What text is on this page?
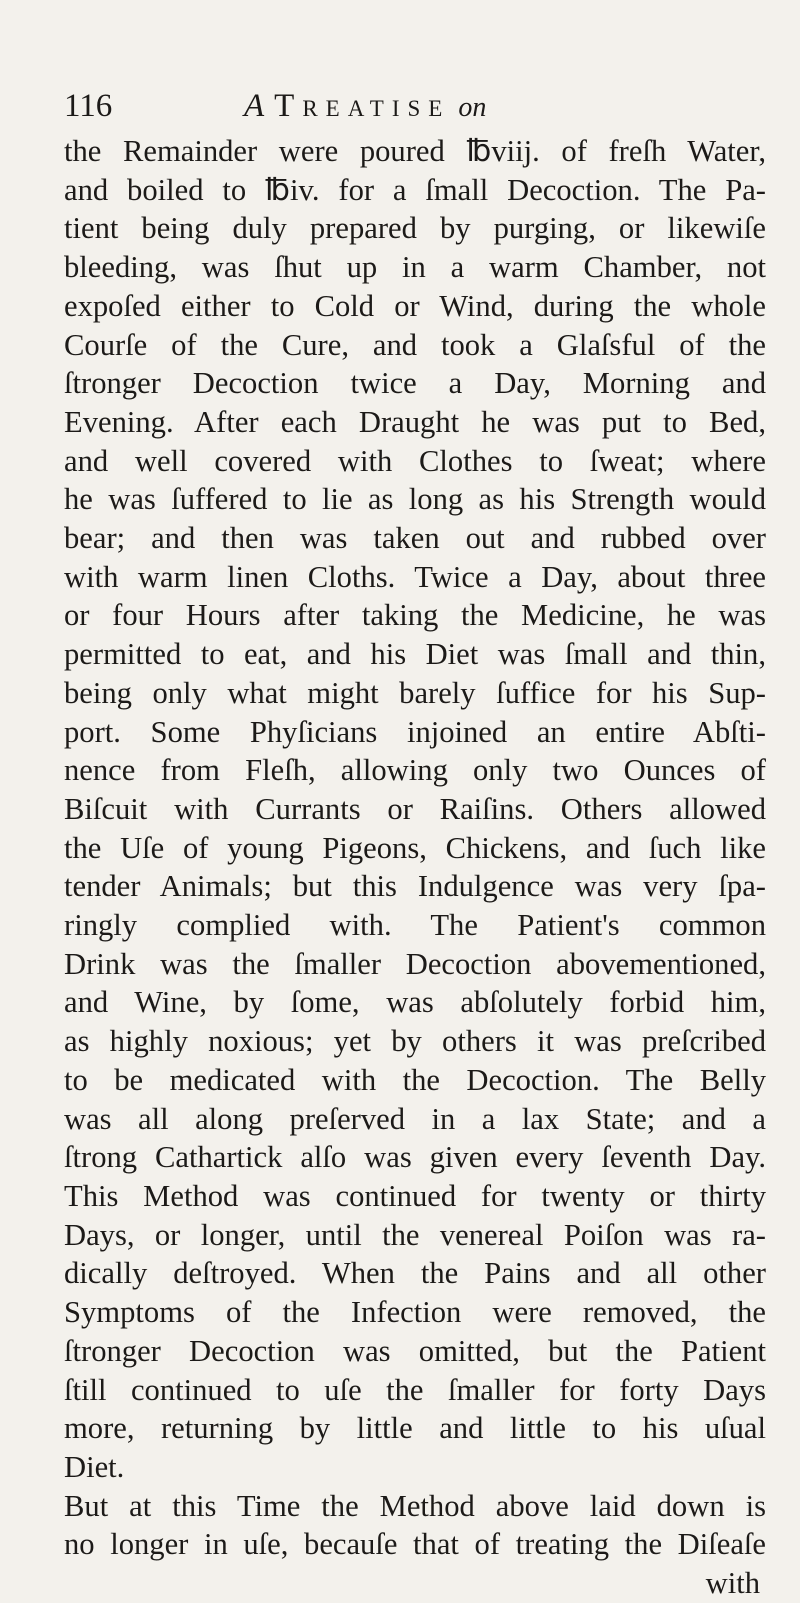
116	A Treatise on
the Remainder were poured ℔viij. of freſh Water,
and boiled to ℔iv. for a ſmall Decoction. The Pa-
tient being duly prepared by purging, or likewiſe
bleeding, was ſhut up in a warm Chamber, not
expoſed either to Cold or Wind, during the whole
Courſe of the Cure, and took a Glaſsful of the
ſtronger Decoction twice a Day, Morning and
Evening. After each Draught he was put to Bed,
and well covered with Clothes to ſweat; where
he was ſuffered to lie as long as his Strength would
bear; and then was taken out and rubbed over
with warm linen Cloths. Twice a Day, about three
or four Hours after taking the Medicine, he was
permitted to eat, and his Diet was ſmall and thin,
being only what might barely ſuffice for his Sup-
port. Some Phyſicians injoined an entire Abſti-
nence from Fleſh, allowing only two Ounces of
Biſcuit with Currants or Raiſins. Others allowed
the Uſe of young Pigeons, Chickens, and ſuch like
tender Animals; but this Indulgence was very ſpa-
ringly complied with. The Patient's common
Drink was the ſmaller Decoction abovementioned,
and Wine, by ſome, was abſolutely forbid him,
as highly noxious; yet by others it was preſcribed
to be medicated with the Decoction. The Belly
was all along preſerved in a lax State; and a
ſtrong Cathartick alſo was given every ſeventh Day.
This Method was continued for twenty or thirty
Days, or longer, until the venereal Poiſon was ra-
dically deſtroyed. When the Pains and all other
Symptoms of the Infection were removed, the
ſtronger Decoction was omitted, but the Patient
ſtill continued to uſe the ſmaller for forty Days
more, returning by little and little to his uſual
Diet.
But at this Time the Method above laid down is
no longer in uſe, becauſe that of treating the Diſeaſe
with
